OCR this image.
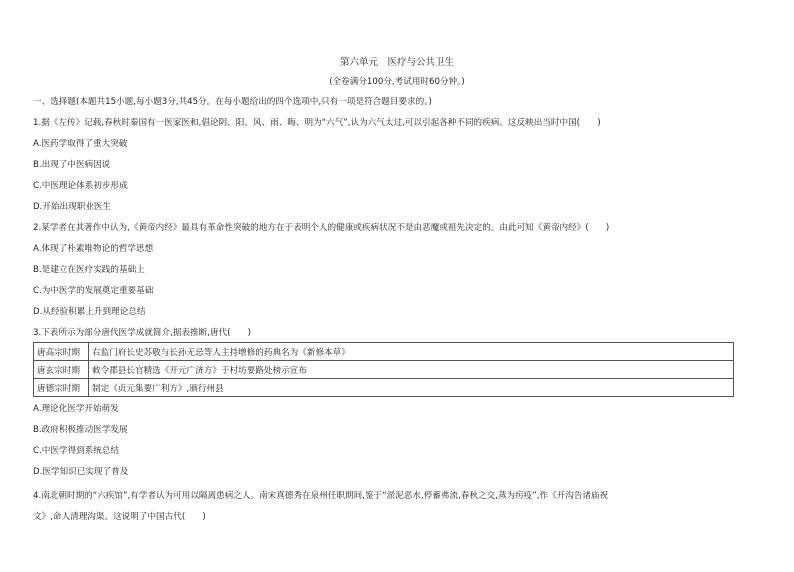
第六单元　医疗与公共卫生
(全卷满分100分,考试用时60分钟。)
一、选择题(本题共15小题,每小题3分,共45分。在每小题给出的四个选项中,只有一项是符合题目要求的。)
1.据《左传》记载,春秋时秦国有一医家医和,倡论阴、阳、风、雨、晦、明为“六气”,认为六气太过,可以引起各种不同的疾病。这反映出当时中国(　　)
A.医药学取得了重大突破
B.出现了中医病因说
C.中医理论体系初步形成
D.开始出现职业医生
2.某学者在其著作中认为,《黄帝内经》最具有革命性突破的地方在于表明个人的健康或疾病状况不是由恶魔或祖先决定的。由此可知《黄帝内经》(　　)
A.体现了朴素唯物论的哲学思想
B.是建立在医疗实践的基础上
C.为中医学的发展奠定重要基础
D.从经验积累上升到理论总结
3.下表所示为部分唐代医学成就简介,据表推断,唐代(　　)
唐高宗时期	右监门府长史苏敬与长孙无忌等人主持增修的药典名为《新修本草》
唐玄宗时期	敕令郡县长官精选《开元广济方》于村坊要路处榜示宣布
唐德宗时期	制定《贞元集要广利方》,颁行州县
A.理论化医学开始萌发
B.政府积极推动医学发展
C.中医学得到系统总结
D.医学知识已实现了普及
4.南北朝时期的“六疾馆”,有学者认为可用以隔离患病之人。南宋真德秀在泉州任职期间,鉴于“淤泥恶水,停蓄弗流,春秋之交,蒸为疠疫”,作《开沟告诸庙祝
文》,命人清理沟渠。这说明了中国古代(　　)
